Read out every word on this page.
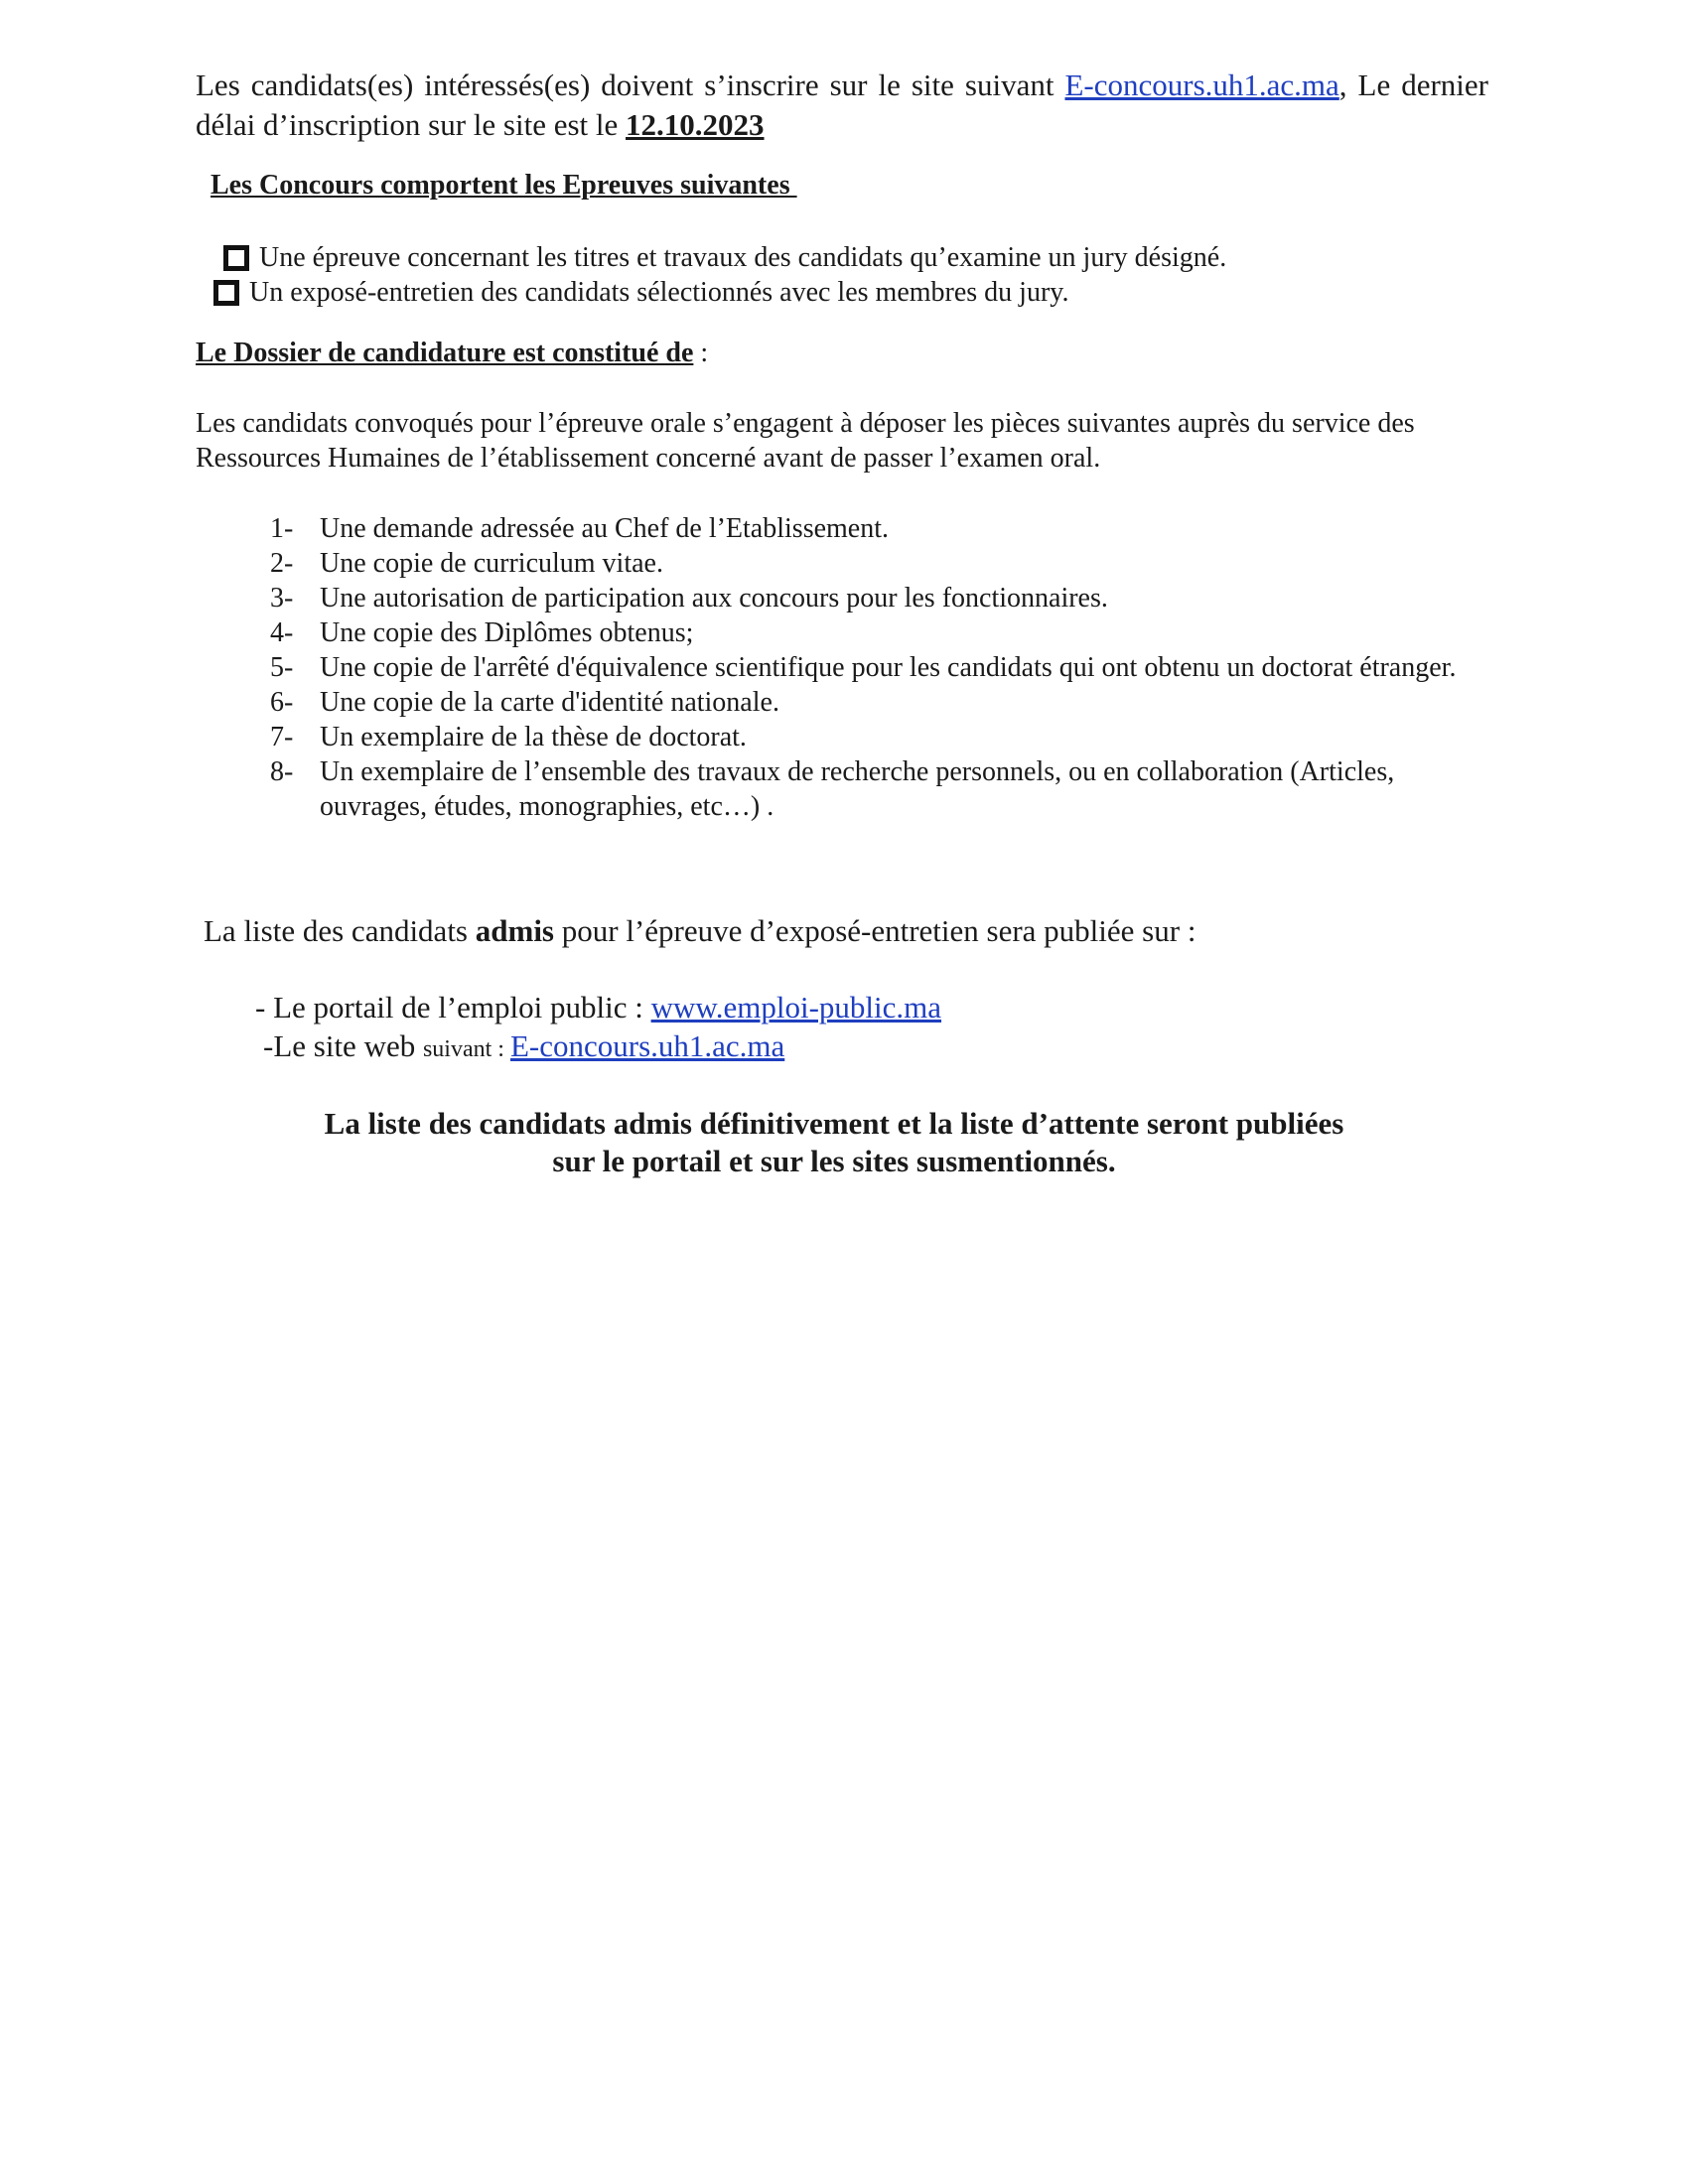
Les candidats(es) intéressés(es) doivent s’inscrire sur le site suivant E-concours.uh1.ac.ma, Le dernier délai d’inscription sur le site est le 12.10.2023
Les Concours comportent les Epreuves suivantes
Une épreuve concernant les titres et travaux des candidats qu’examine un jury désigné.
Un exposé-entretien des candidats sélectionnés avec les membres du jury.
Le Dossier de candidature est constitué de :
Les candidats convoqués pour l’épreuve orale s’engagent à déposer les pièces suivantes auprès du service des Ressources Humaines de l’établissement concerné avant de passer l’examen oral.
1- Une demande adressée au Chef de l’Etablissement.
2- Une copie de curriculum vitae.
3- Une autorisation de participation aux concours pour les fonctionnaires.
4- Une copie des Diplômes obtenus;
5- Une copie de l'arrêté d'équivalence scientifique pour les candidats qui ont obtenu un doctorat étranger.
6- Une copie de la carte d'identité nationale.
7- Un exemplaire de la thèse de doctorat.
8- Un exemplaire de l’ensemble des travaux de recherche personnels, ou en collaboration (Articles, ouvrages, études, monographies, etc…) .
La liste des candidats admis pour l’épreuve d’exposé-entretien sera publiée sur :
- Le portail de l’emploi public : www.emploi-public.ma
-Le site web suivant : E-concours.uh1.ac.ma
La liste des candidats admis définitivement et la liste d’attente seront publiées
sur le portail et sur les sites susmentionnés.
